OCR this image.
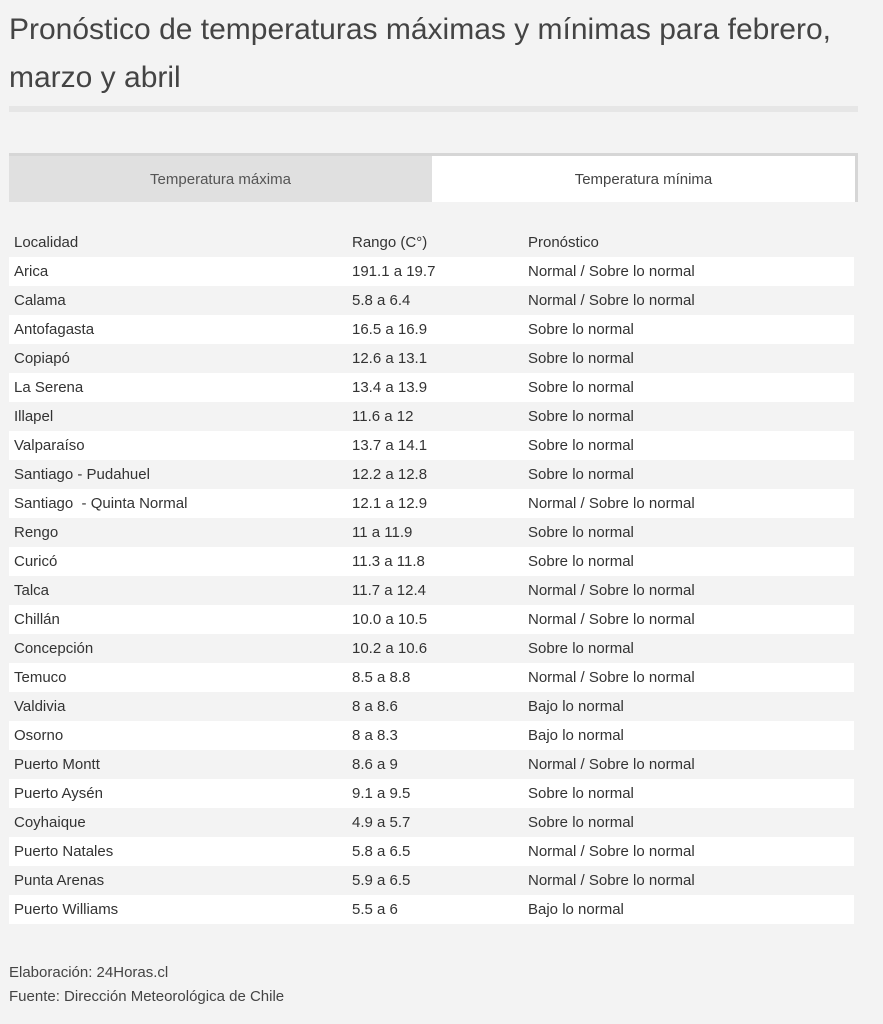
Pronóstico de temperaturas máximas y mínimas para febrero, marzo y abril
Temperatura máxima	Temperatura mínima
Localidad	Rango (C°)	Pronóstico
Arica	191.1 a 19.7	Normal / Sobre lo normal
Calama	5.8 a 6.4	Normal / Sobre lo normal
Antofagasta	16.5 a 16.9	Sobre lo normal
Copiapó	12.6 a 13.1	Sobre lo normal
La Serena	13.4 a 13.9	Sobre lo normal
Illapel	11.6 a 12	Sobre lo normal
Valparaíso	13.7 a 14.1	Sobre lo normal
Santiago - Pudahuel	12.2 a 12.8	Sobre lo normal
Santiago  - Quinta Normal	12.1 a 12.9	Normal / Sobre lo normal
Rengo	11 a 11.9	Sobre lo normal
Curicó	11.3 a 11.8	Sobre lo normal
Talca	11.7 a 12.4	Normal / Sobre lo normal
Chillán	10.0 a 10.5	Normal / Sobre lo normal
Concepción	10.2 a 10.6	Sobre lo normal
Temuco	8.5 a 8.8	Normal / Sobre lo normal
Valdivia	8 a 8.6	Bajo lo normal
Osorno	8 a 8.3	Bajo lo normal
Puerto Montt	8.6 a 9	Normal / Sobre lo normal
Puerto Aysén	9.1 a 9.5	Sobre lo normal
Coyhaique	4.9 a 5.7	Sobre lo normal
Puerto Natales	5.8 a 6.5	Normal / Sobre lo normal
Punta Arenas	5.9 a 6.5	Normal / Sobre lo normal
Puerto Williams	5.5 a 6	Bajo lo normal
Elaboración: 24Horas.cl
Fuente: Dirección Meteorológica de Chile
